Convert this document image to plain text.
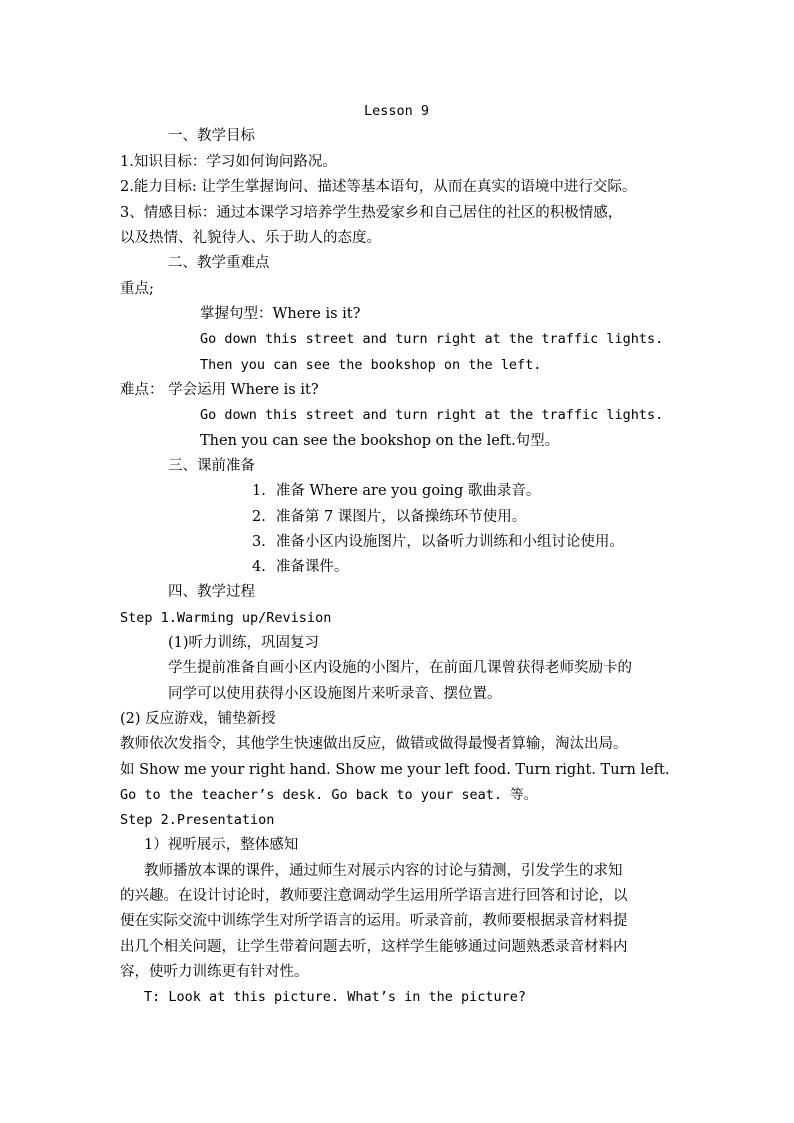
Lesson 9
一、教学目标
1.知识目标：学习如何询问路况。
2.能力目标: 让学生掌握询问、描述等基本语句，从而在真实的语境中进行交际。
3、情感目标：通过本课学习培养学生热爱家乡和自己居住的社区的积极情感，
以及热情、礼貌待人、乐于助人的态度。
二、教学重难点
重点;
掌握句型：Where is it?
Go down this street and turn right at the traffic lights.
Then you can see the bookshop on the left.
难点： 学会运用 Where is it?
Go down this street and turn right at the traffic lights.
Then you can see the bookshop on the left.句型。
三、课前准备
1. 准备 Where are you going 歌曲录音。
2. 准备第 7 课图片，以备操练环节使用。
3. 准备小区内设施图片，以备听力训练和小组讨论使用。
4. 准备课件。
四、教学过程
Step 1.Warming up/Revision
(1)听力训练，巩固复习
学生提前准备自画小区内设施的小图片，在前面几课曾获得老师奖励卡的
同学可以使用获得小区设施图片来听录音、摆位置。
(2) 反应游戏，铺垫新授
教师依次发指令，其他学生快速做出反应，做错或做得最慢者算输，淘汰出局。
如 Show me your right hand. Show me your left food. Turn right. Turn left.
Go to the teacher’s desk. Go back to your seat. 等。
Step 2.Presentation
1）视听展示，整体感知
教师播放本课的课件，通过师生对展示内容的讨论与猜测，引发学生的求知
的兴趣。在设计讨论时，教师要注意调动学生运用所学语言进行回答和讨论，以
便在实际交流中训练学生对所学语言的运用。听录音前，教师要根据录音材料提
出几个相关问题，让学生带着问题去听，这样学生能够通过问题熟悉录音材料内
容，使听力训练更有针对性。
T: Look at this picture. What’s in the picture?
